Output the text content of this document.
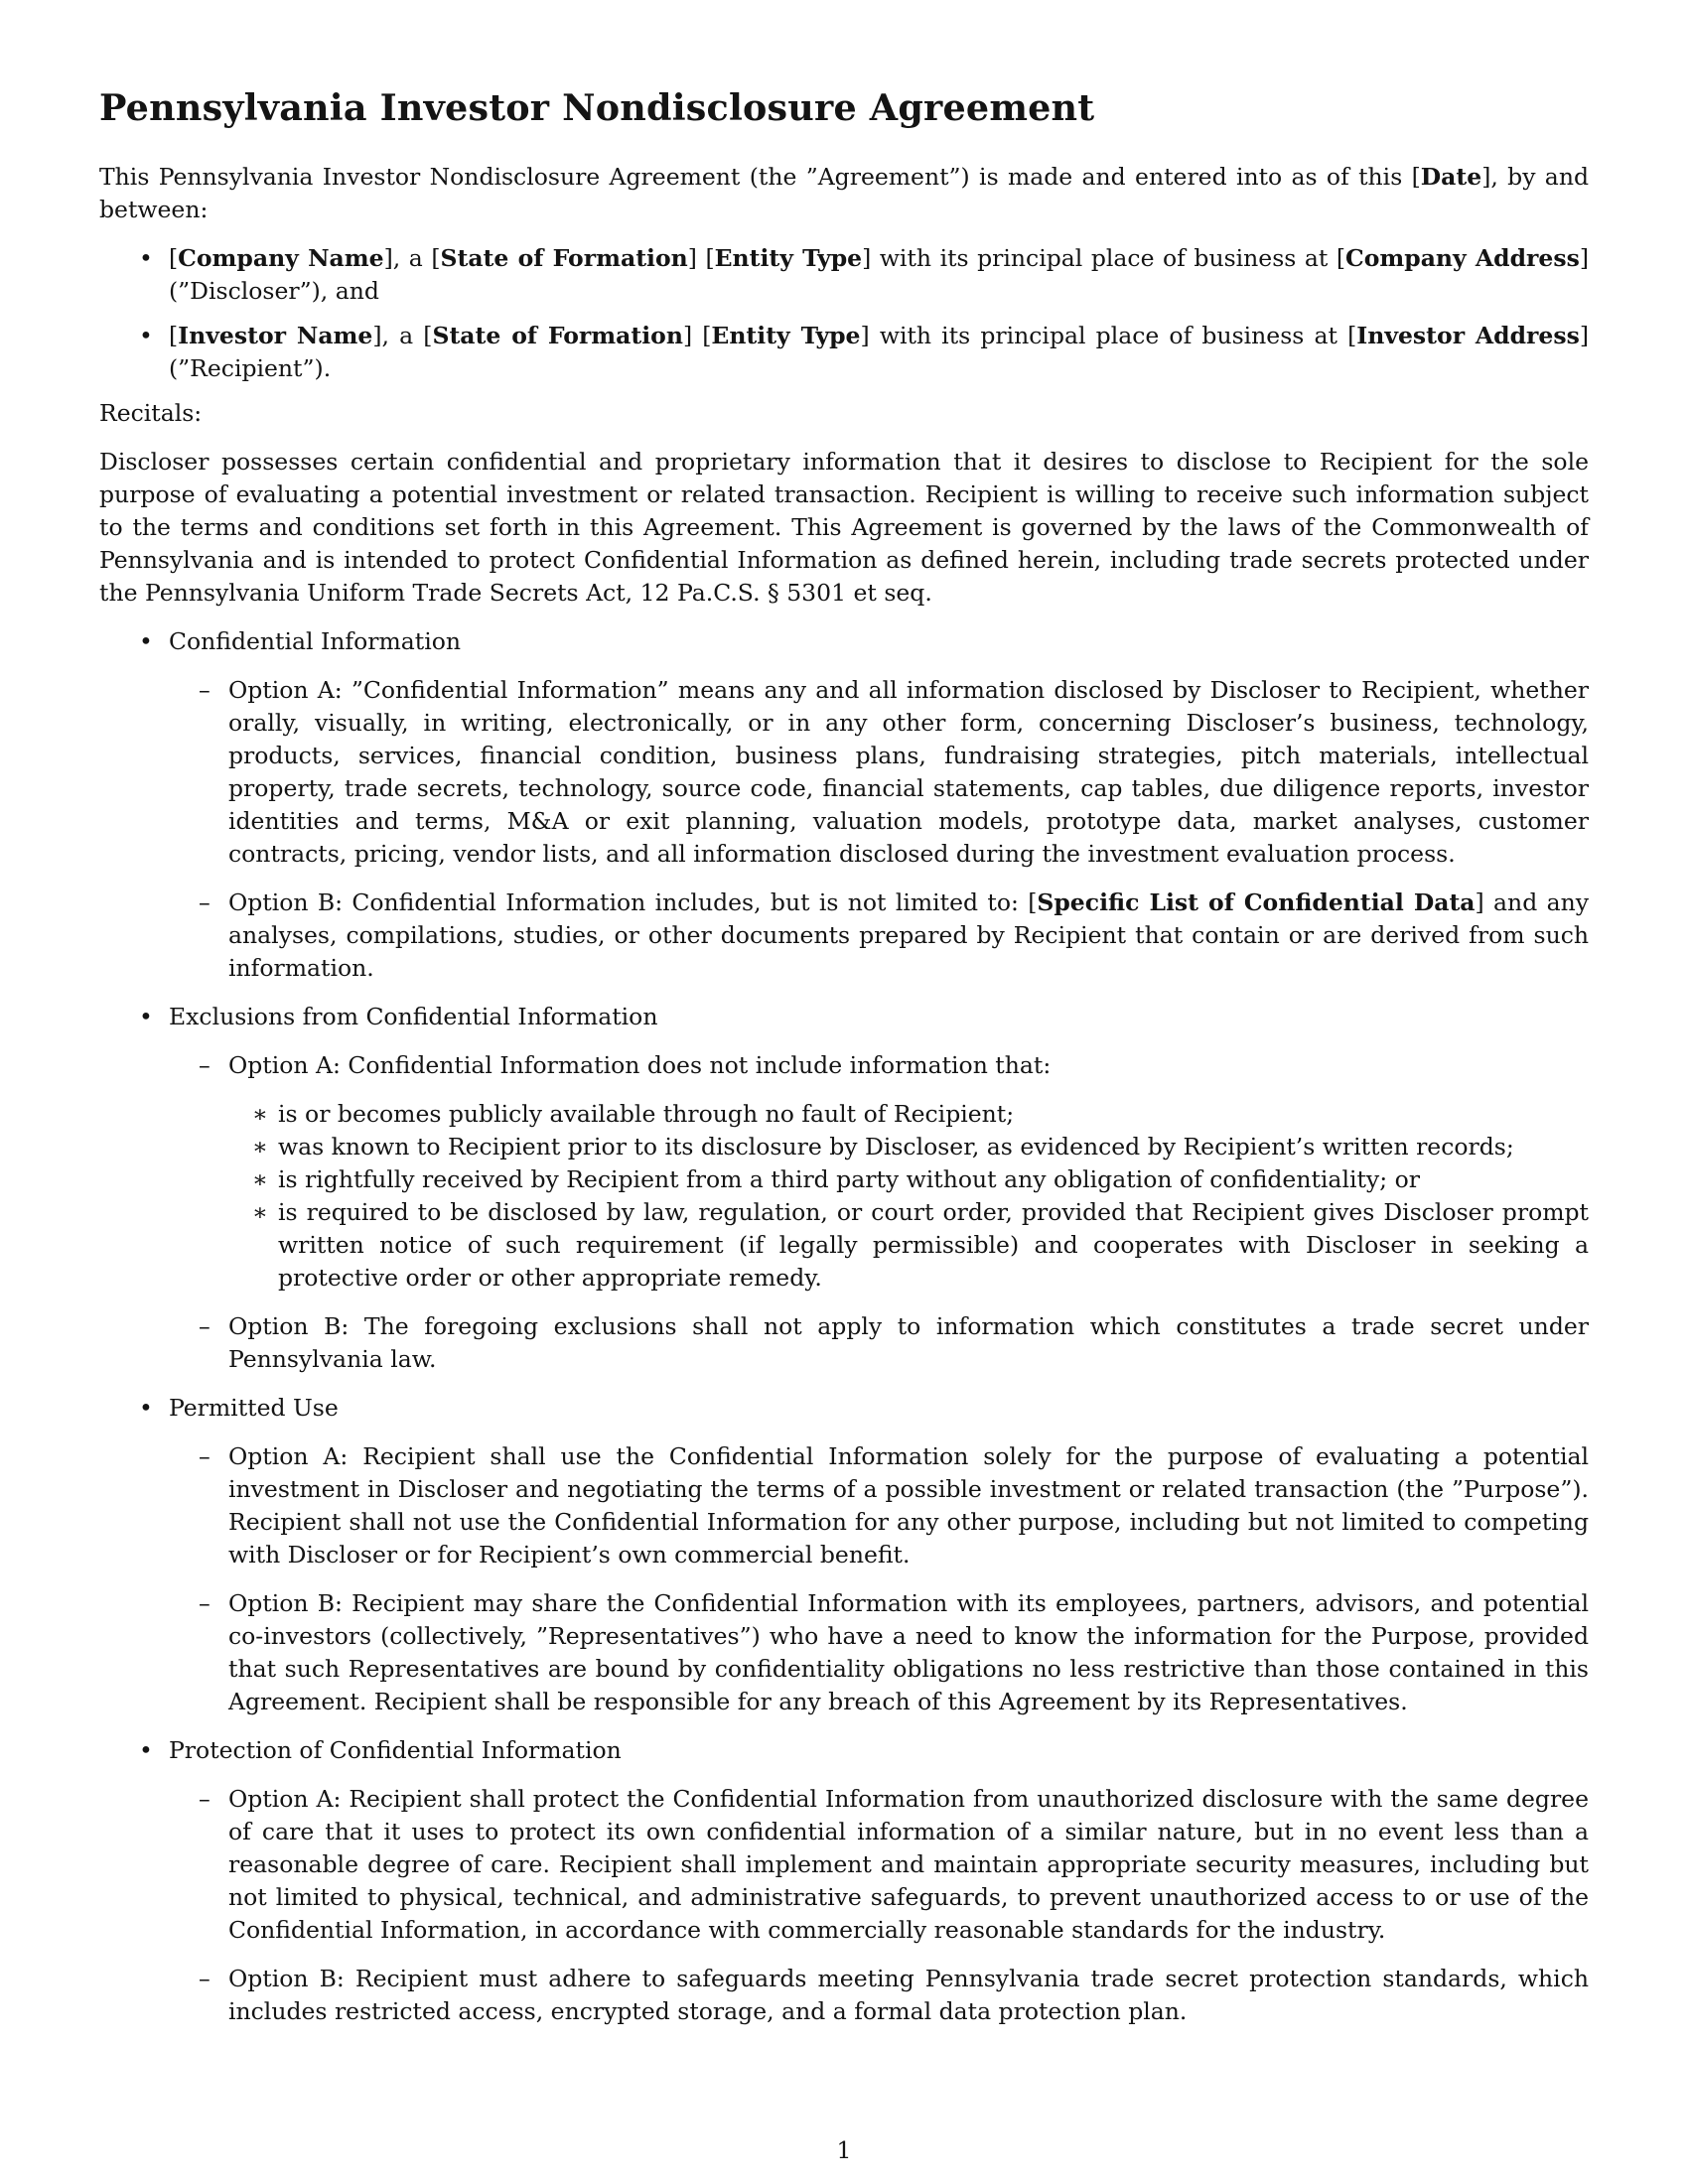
Pennsylvania Investor Nondisclosure Agreement

This Pennsylvania Investor Nondisclosure Agreement (the ”Agreement”) is made and entered into as of this [Date], by and between:

• [Company Name], a [State of Formation] [Entity Type] with its principal place of business at [Company Address] (”Discloser”), and
• [Investor Name], a [State of Formation] [Entity Type] with its principal place of business at [Investor Address] (”Recipient”).

Recitals:

Discloser possesses certain confidential and proprietary information that it desires to disclose to Recipient for the sole purpose of evaluating a potential investment or related transaction. Recipient is willing to receive such information subject to the terms and conditions set forth in this Agreement. This Agreement is governed by the laws of the Commonwealth of Pennsylvania and is intended to protect Confidential Information as defined herein, including trade secrets protected under the Pennsylvania Uniform Trade Secrets Act, 12 Pa.C.S. § 5301 et seq.

• Confidential Information
– Option A: ”Confidential Information” means any and all information disclosed by Discloser to Recipient, whether orally, visually, in writing, electronically, or in any other form, concerning Discloser’s business, technology, products, services, financial condition, business plans, fundraising strategies, pitch materials, intellectual property, trade secrets, technology, source code, financial statements, cap tables, due diligence reports, investor identities and terms, M&A or exit planning, valuation models, prototype data, market analyses, customer contracts, pricing, vendor lists, and all information disclosed during the investment evaluation process.
– Option B: Confidential Information includes, but is not limited to: [Specific List of Confidential Data] and any analyses, compilations, studies, or other documents prepared by Recipient that contain or are derived from such information.
• Exclusions from Confidential Information
– Option A: Confidential Information does not include information that:
∗ is or becomes publicly available through no fault of Recipient;
∗ was known to Recipient prior to its disclosure by Discloser, as evidenced by Recipient’s written records;
∗ is rightfully received by Recipient from a third party without any obligation of confidentiality; or
∗ is required to be disclosed by law, regulation, or court order, provided that Recipient gives Discloser prompt written notice of such requirement (if legally permissible) and cooperates with Discloser in seeking a protective order or other appropriate remedy.
– Option B: The foregoing exclusions shall not apply to information which constitutes a trade secret under Pennsylvania law.
• Permitted Use
– Option A: Recipient shall use the Confidential Information solely for the purpose of evaluating a potential investment in Discloser and negotiating the terms of a possible investment or related transaction (the ”Purpose”). Recipient shall not use the Confidential Information for any other purpose, including but not limited to competing with Discloser or for Recipient’s own commercial benefit.
– Option B: Recipient may share the Confidential Information with its employees, partners, advisors, and potential co-investors (collectively, ”Representatives”) who have a need to know the information for the Purpose, provided that such Representatives are bound by confidentiality obligations no less restrictive than those contained in this Agreement. Recipient shall be responsible for any breach of this Agreement by its Representatives.
• Protection of Confidential Information
– Option A: Recipient shall protect the Confidential Information from unauthorized disclosure with the same degree of care that it uses to protect its own confidential information of a similar nature, but in no event less than a reasonable degree of care. Recipient shall implement and maintain appropriate security measures, including but not limited to physical, technical, and administrative safeguards, to prevent unauthorized access to or use of the Confidential Information, in accordance with commercially reasonable standards for the industry.
– Option B: Recipient must adhere to safeguards meeting Pennsylvania trade secret protection standards, which includes restricted access, encrypted storage, and a formal data protection plan.
1
